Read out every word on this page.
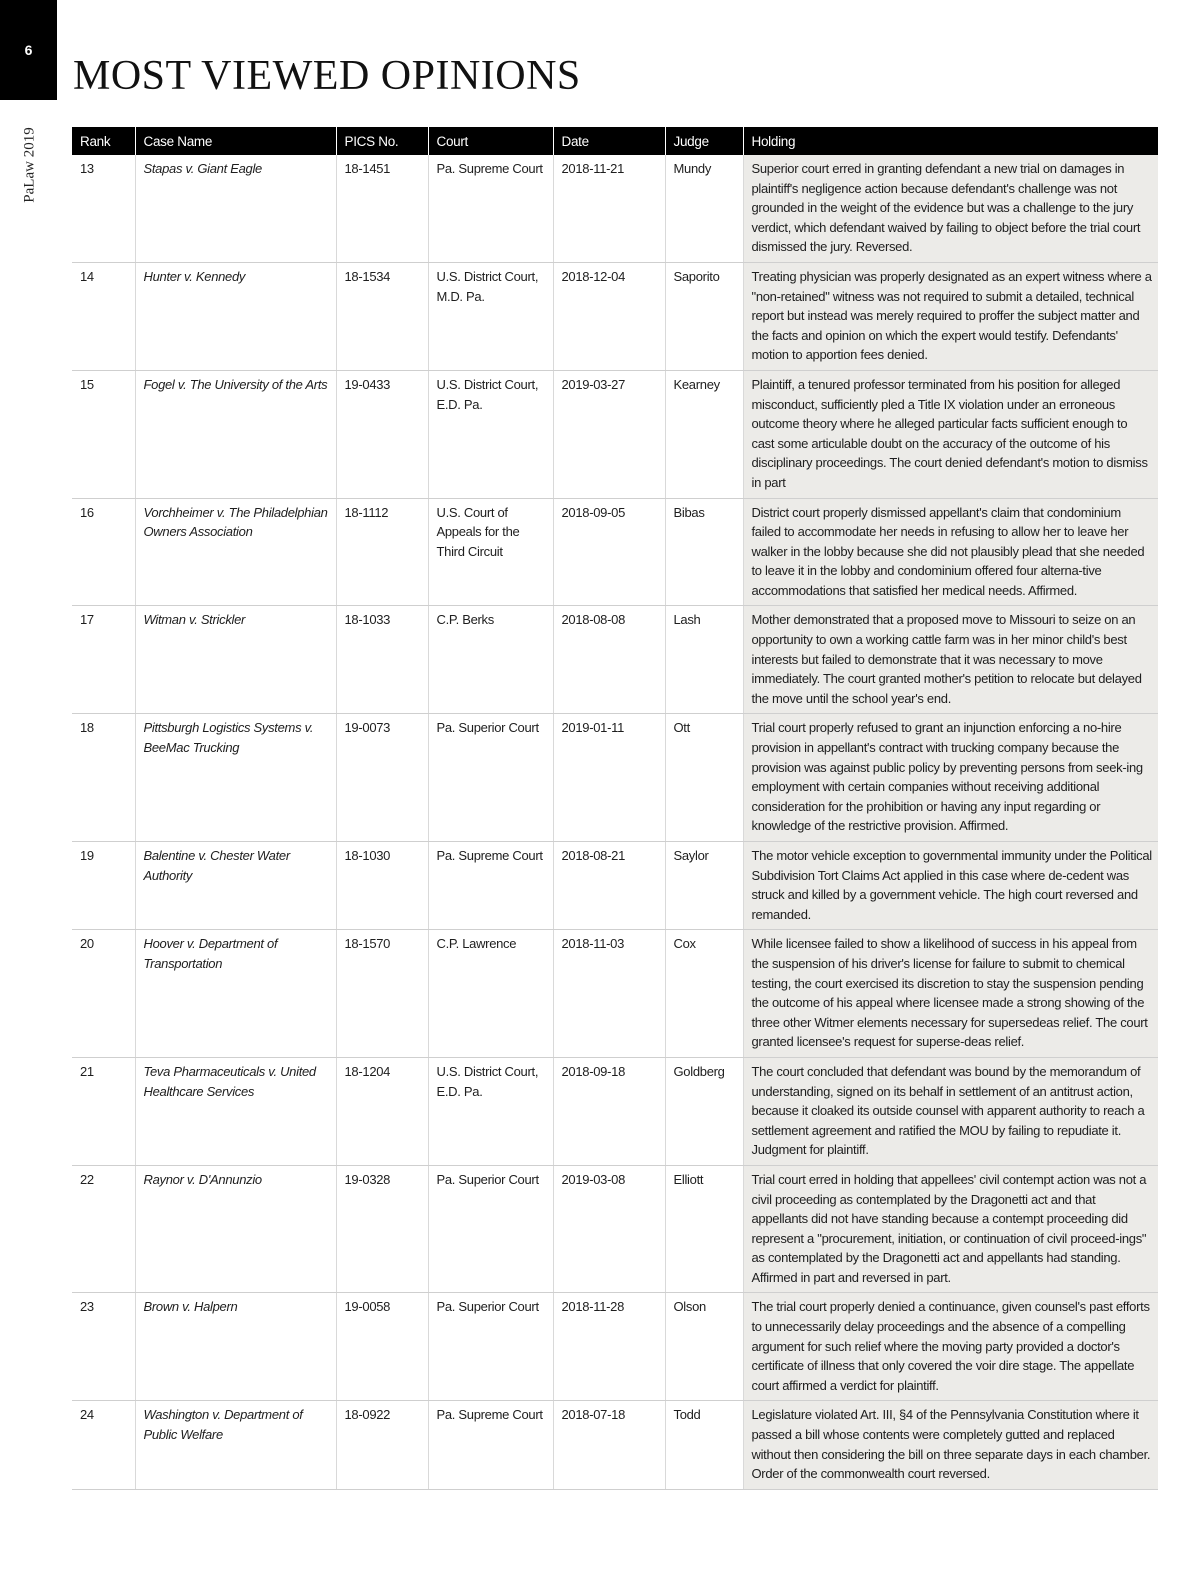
6
MOST VIEWED OPINIONS
PaLaw 2019	Rank	Case Name	PICS No.	Court	Date	Judge	Holding
13	Stapas v. Giant Eagle	18-1451	Pa. Supreme Court	2018-11-21	Mundy	Superior court erred in granting defendant a new trial on damages in plaintiff's negligence action because defendant's challenge was not grounded in the weight of the evidence but was a challenge to the jury verdict, which defendant waived by failing to object before the trial court dismissed the jury. Reversed.
14	Hunter v. Kennedy	18-1534	U.S. District Court, M.D. Pa.	2018-12-04	Saporito	Treating physician was properly designated as an expert witness where a "non-retained" witness was not required to submit a detailed, technical report but instead was merely required to proffer the subject matter and the facts and opinion on which the expert would testify. Defendants' motion to apportion fees denied.
15	Fogel v. The University of the Arts	19-0433	U.S. District Court, E.D. Pa.	2019-03-27	Kearney	Plaintiff, a tenured professor terminated from his position for alleged misconduct, sufficiently pled a Title IX violation under an erroneous outcome theory where he alleged particular facts sufficient enough to cast some articulable doubt on the accuracy of the outcome of his disciplinary proceedings. The court denied defendant's motion to dismiss in part
16	Vorchheimer v. The Philadelphian Owners Association	18-1112	U.S. Court of Appeals for the Third Circuit	2018-09-05	Bibas	District court properly dismissed appellant's claim that condominium failed to accommodate her needs in refusing to allow her to leave her walker in the lobby because she did not plausibly plead that she needed to leave it in the lobby and condominium offered four alterna-tive accommodations that satisfied her medical needs. Affirmed.
17	Witman v. Strickler	18-1033	C.P. Berks	2018-08-08	Lash	Mother demonstrated that a proposed move to Missouri to seize on an opportunity to own a working cattle farm was in her minor child's best interests but failed to demonstrate that it was necessary to move immediately. The court granted mother's petition to relocate but delayed the move until the school year's end.
18	Pittsburgh Logistics Systems v. BeeMac Trucking	19-0073	Pa. Superior Court	2019-01-11	Ott	Trial court properly refused to grant an injunction enforcing a no-hire provision in appellant's contract with trucking company because the provision was against public policy by preventing persons from seek-ing employment with certain companies without receiving additional consideration for the prohibition or having any input regarding or knowledge of the restrictive provision. Affirmed.
19	Balentine v. Chester Water Authority	18-1030	Pa. Supreme Court	2018-08-21	Saylor	The motor vehicle exception to governmental immunity under the Political Subdivision Tort Claims Act applied in this case where de-cedent was struck and killed by a government vehicle. The high court reversed and remanded.
20	Hoover v. Department of Transportation	18-1570	C.P. Lawrence	2018-11-03	Cox	While licensee failed to show a likelihood of success in his appeal from the suspension of his driver's license for failure to submit to chemical testing, the court exercised its discretion to stay the suspension pending the outcome of his appeal where licensee made a strong showing of the three other Witmer elements necessary for supersedeas relief. The court granted licensee's request for superse-deas relief.
21	Teva Pharmaceuticals v. United Healthcare Services	18-1204	U.S. District Court, E.D. Pa.	2018-09-18	Goldberg	The court concluded that defendant was bound by the memorandum of understanding, signed on its behalf in settlement of an antitrust action, because it cloaked its outside counsel with apparent authority to reach a settlement agreement and ratified the MOU by failing to repudiate it. Judgment for plaintiff.
22	Raynor v. D'Annunzio	19-0328	Pa. Superior Court	2019-03-08	Elliott	Trial court erred in holding that appellees' civil contempt action was not a civil proceeding as contemplated by the Dragonetti act and that appellants did not have standing because a contempt proceeding did represent a "procurement, initiation, or continuation of civil proceed-ings" as contemplated by the Dragonetti act and appellants had standing. Affirmed in part and reversed in part.
23	Brown v. Halpern	19-0058	Pa. Superior Court	2018-11-28	Olson	The trial court properly denied a continuance, given counsel's past efforts to unnecessarily delay proceedings and the absence of a compelling argument for such relief where the moving party provided a doctor's certificate of illness that only covered the voir dire stage. The appellate court affirmed a verdict for plaintiff.
24	Washington v. Department of Public Welfare	18-0922	Pa. Supreme Court	2018-07-18	Todd	Legislature violated Art. III, §4 of the Pennsylvania Constitution where it passed a bill whose contents were completely gutted and replaced without then considering the bill on three separate days in each chamber. Order of the commonwealth court reversed.
